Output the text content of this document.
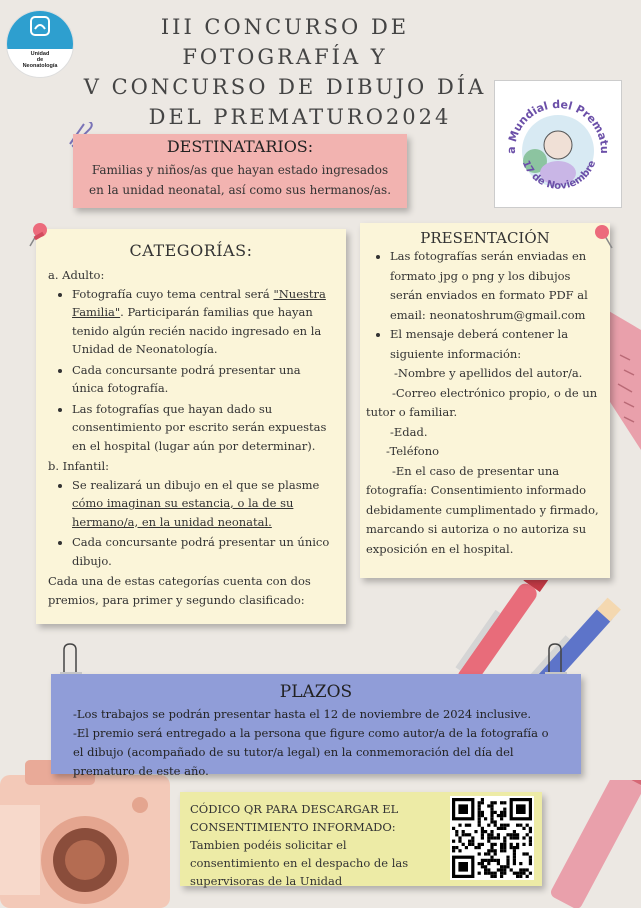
Unidad
de
Neonatología
III CONCURSO DE FOTOGRAFÍA Y
V CONCURSO DE DIBUJO DÍA
DEL PREMATURO2024
a Mundial del Prematu
17 de Noviembre
DESTINATARIOS:

Familias y niños/as que hayan estado ingresados en la unidad neonatal, así como sus hermanos/as.

CATEGORÍAS:
a. Adulto:
• Fotografía cuyo tema central será "Nuestra Familia". Participarán familias que hayan tenido algún recién nacido ingresado en la Unidad de Neonatología.
• Cada concursante podrá presentar una única fotografía.
• Las fotografías que hayan dado su consentimiento por escrito serán expuestas en el hospital (lugar aún por determinar).
b. Infantil:
• Se realizará un dibujo en el que se plasme cómo imaginan su estancia, o la de su hermano/a, en la unidad neonatal.
• Cada concursante podrá presentar un único dibujo.
Cada una de estas categorías cuenta con dos premios, para primer y segundo clasificado:
PRESENTACIÓN
• Las fotografías serán enviadas en formato jpg o png y los dibujos serán enviados en formato PDF al email: neonatoshrum@gmail.com
• El mensaje deberá contener la siguiente información:
-Nombre y apellidos del autor/a.
-Correo electrónico propio, o de un tutor o familiar.
-Edad.
-Teléfono
-En el caso de presentar una fotografía: Consentimiento informado debidamente cumplimentado y firmado, marcando si autoriza o no autoriza su exposición en el hospital.
PLAZOS

-Los trabajos se podrán presentar hasta el 12 de noviembre de 2024 inclusive.

-El premio será entregado a la persona que figure como autor/a de la fotografía o el dibujo (acompañado de su tutor/a legal) en la conmemoración del día del prematuro de este año.

CÓDICO QR PARA DESCARGAR EL CONSENTIMIENTO INFORMADO:
Tambien podéis solicitar el consentimiento en el despacho de las supervisoras de la Unidad
